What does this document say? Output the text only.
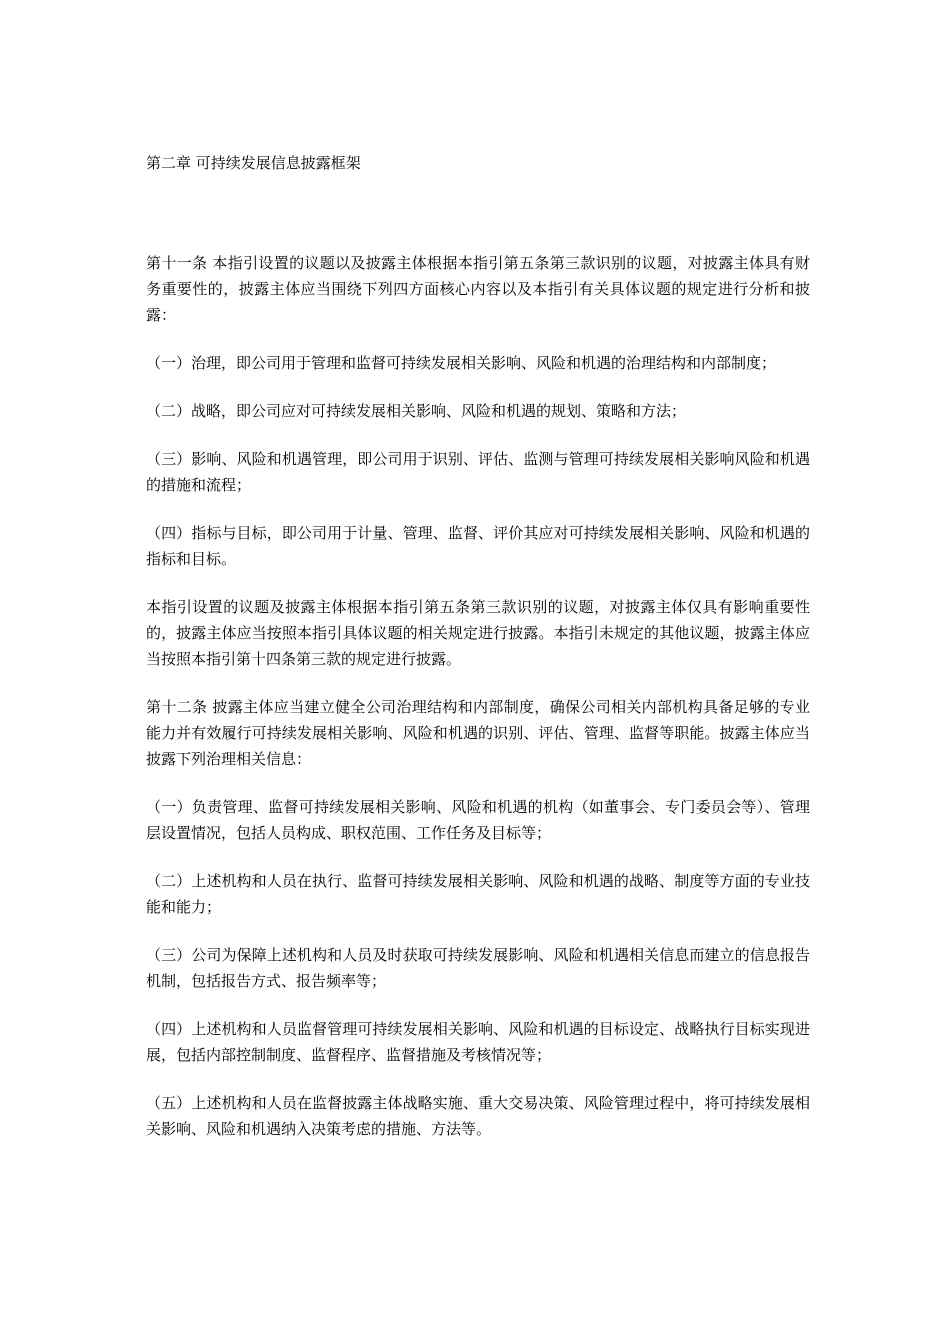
第二章 可持续发展信息披露框架

第十一条 本指引设置的议题以及披露主体根据本指引第五条第三款识别的议题，对披露主体具有财务重要性的，披露主体应当围绕下列四方面核心内容以及本指引有关具体议题的规定进行分析和披露：

（一）治理，即公司用于管理和监督可持续发展相关影响、风险和机遇的治理结构和内部制度；

（二）战略，即公司应对可持续发展相关影响、风险和机遇的规划、策略和方法；

（三）影响、风险和机遇管理，即公司用于识别、评估、监测与管理可持续发展相关影响风险和机遇的措施和流程；

（四）指标与目标，即公司用于计量、管理、监督、评价其应对可持续发展相关影响、风险和机遇的指标和目标。

本指引设置的议题及披露主体根据本指引第五条第三款识别的议题，对披露主体仅具有影响重要性的，披露主体应当按照本指引具体议题的相关规定进行披露。本指引未规定的其他议题，披露主体应当按照本指引第十四条第三款的规定进行披露。

第十二条 披露主体应当建立健全公司治理结构和内部制度，确保公司相关内部机构具备足够的专业能力并有效履行可持续发展相关影响、风险和机遇的识别、评估、管理、监督等职能。披露主体应当披露下列治理相关信息：

（一）负责管理、监督可持续发展相关影响、风险和机遇的机构（如董事会、专门委员会等）、管理层设置情况，包括人员构成、职权范围、工作任务及目标等；

（二）上述机构和人员在执行、监督可持续发展相关影响、风险和机遇的战略、制度等方面的专业技能和能力；

（三）公司为保障上述机构和人员及时获取可持续发展影响、风险和机遇相关信息而建立的信息报告机制，包括报告方式、报告频率等；

（四）上述机构和人员监督管理可持续发展相关影响、风险和机遇的目标设定、战略执行目标实现进展，包括内部控制制度、监督程序、监督措施及考核情况等；

（五）上述机构和人员在监督披露主体战略实施、重大交易决策、风险管理过程中，将可持续发展相关影响、风险和机遇纳入决策考虑的措施、方法等。
